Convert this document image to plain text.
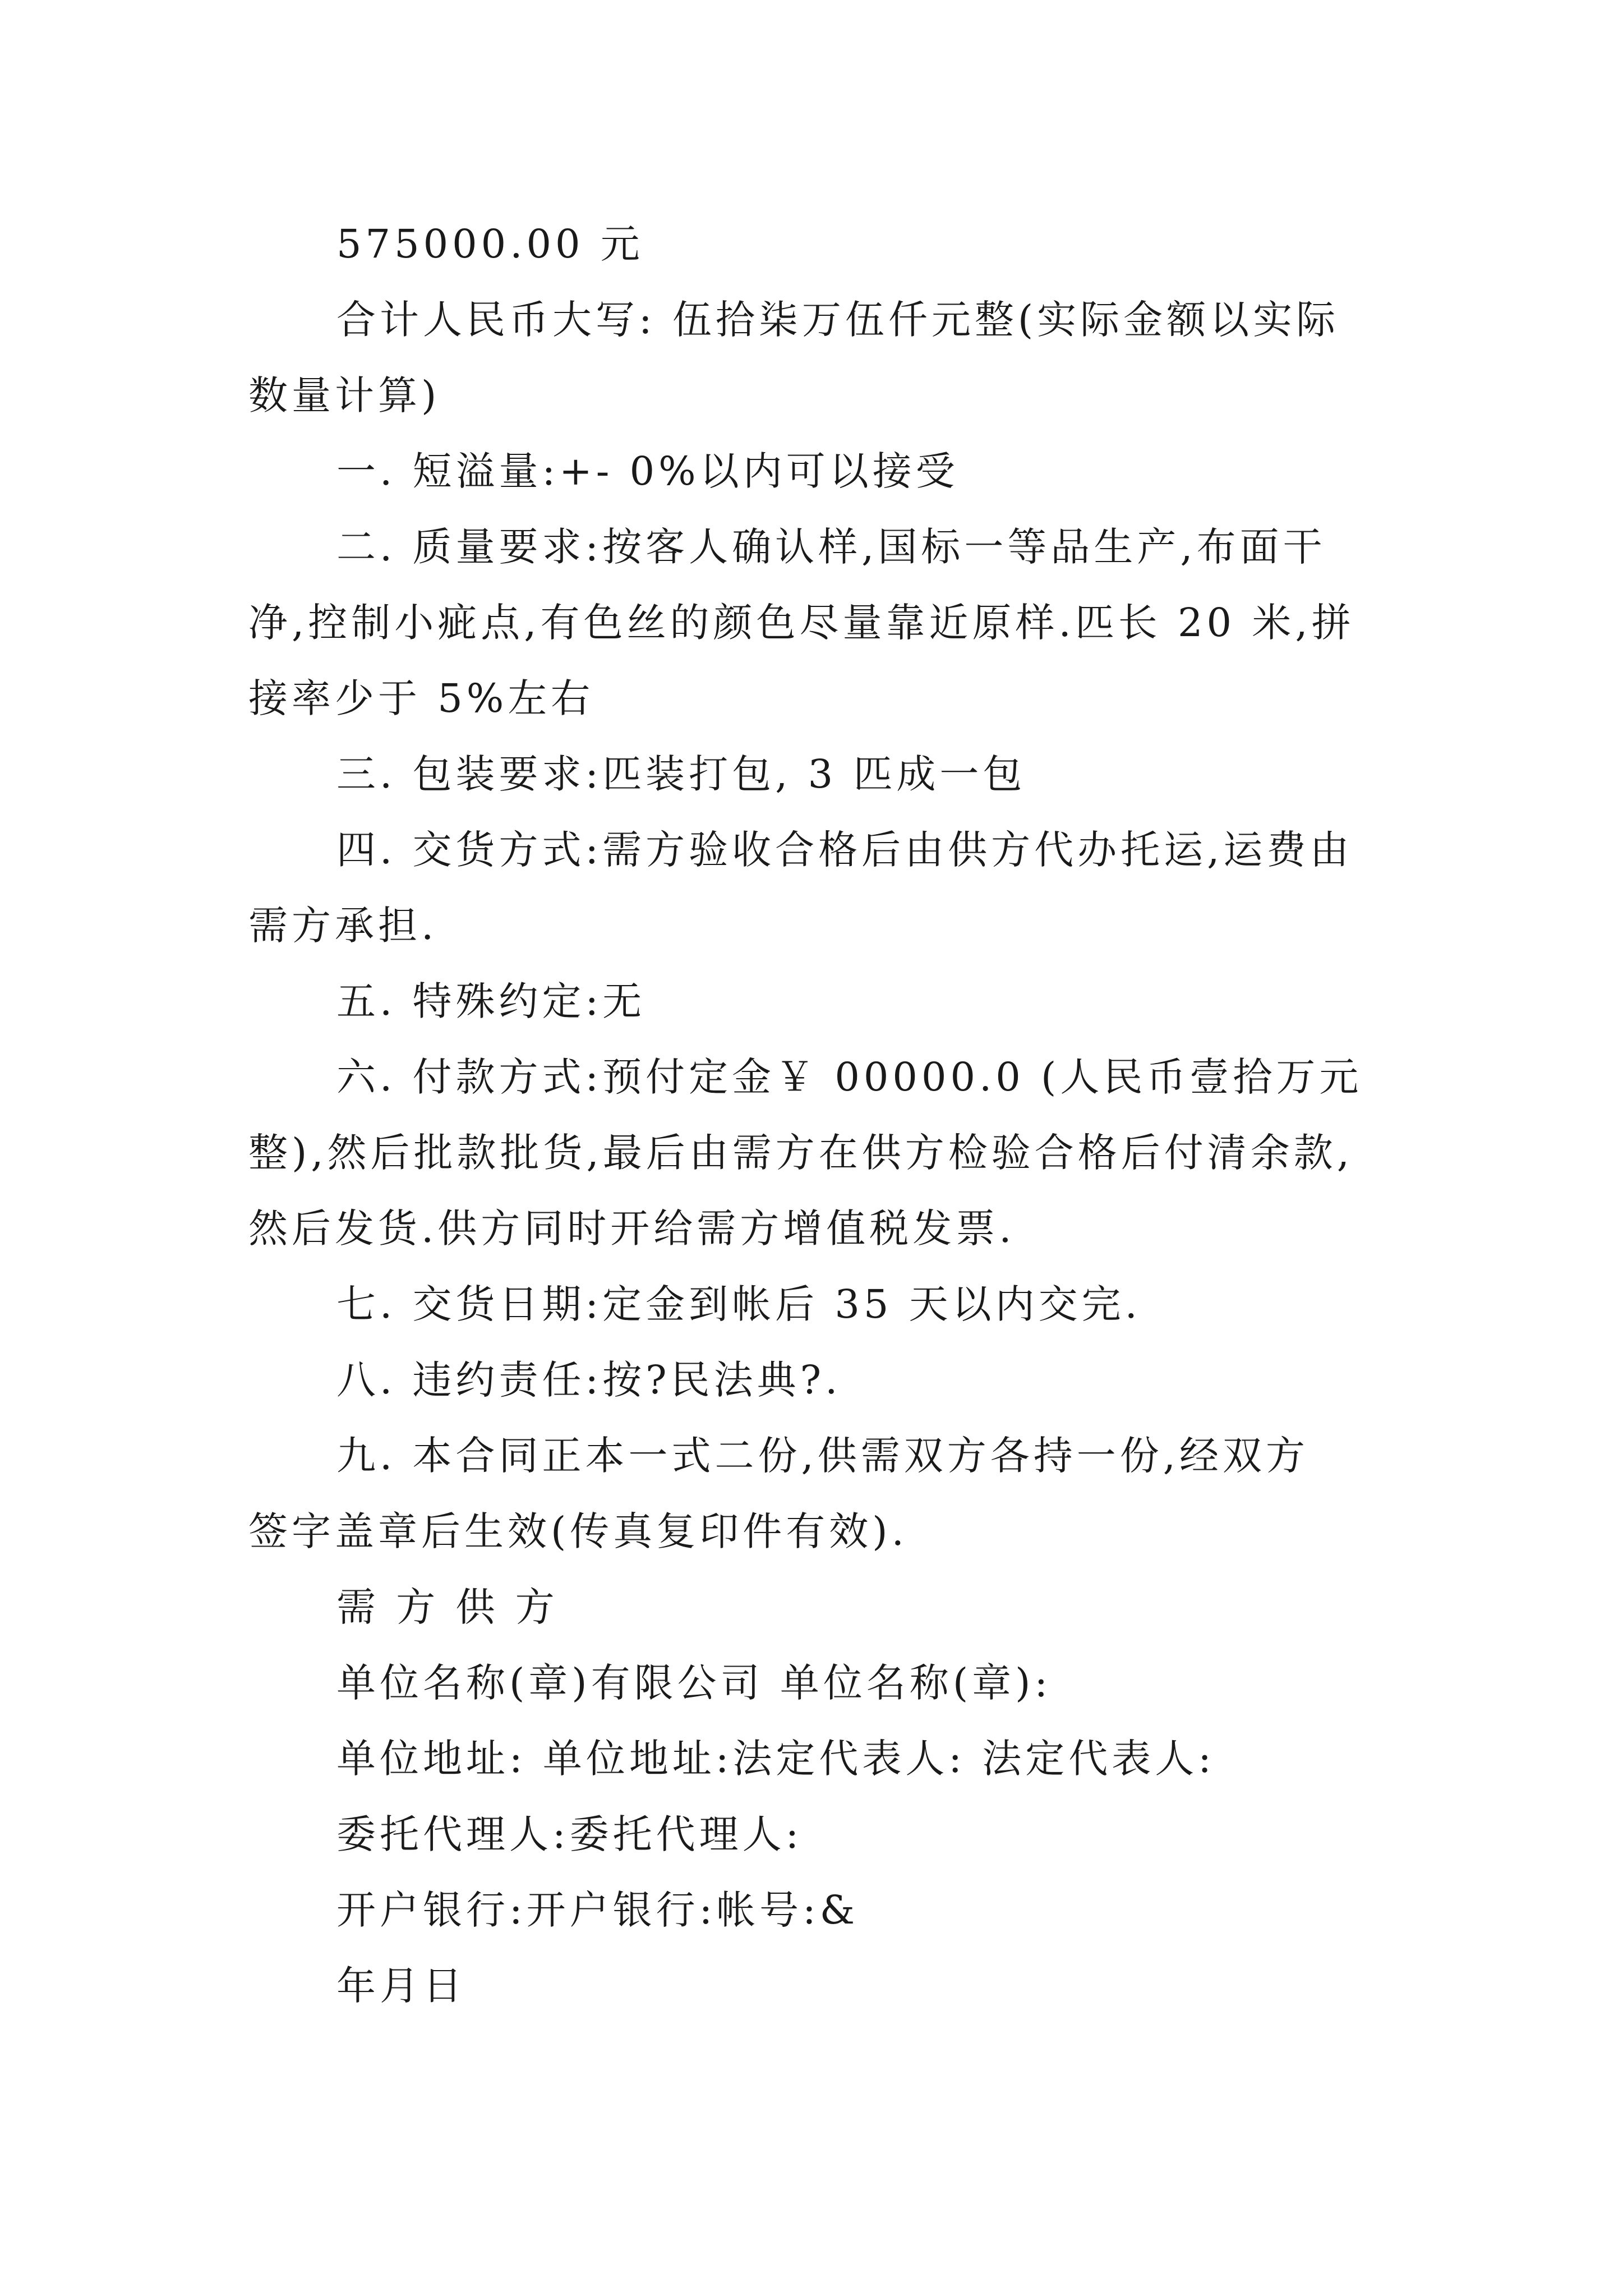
575000.00 元
合计人民币大写: 伍拾柒万伍仟元整(实际金额以实际
数量计算)
一. 短溢量:+- 0%以内可以接受
二. 质量要求:按客人确认样,国标一等品生产,布面干
净,控制小疵点,有色丝的颜色尽量靠近原样.匹长 20 米,拼
接率少于 5%左右
三. 包装要求:匹装打包, 3 匹成一包
四. 交货方式:需方验收合格后由供方代办托运,运费由
需方承担.
五. 特殊约定:无
六. 付款方式:预付定金￥ 00000.0 (人民币壹拾万元
整),然后批款批货,最后由需方在供方检验合格后付清余款,
然后发货.供方同时开给需方增值税发票.
七. 交货日期:定金到帐后 35 天以内交完.
八. 违约责任:按?民法典?.
九. 本合同正本一式二份,供需双方各持一份,经双方
签字盖章后生效(传真复印件有效).
需 方 供 方
单位名称(章)有限公司 单位名称(章):
单位地址: 单位地址:法定代表人: 法定代表人:
委托代理人:委托代理人:
开户银行:开户银行:帐号:&
年月日
